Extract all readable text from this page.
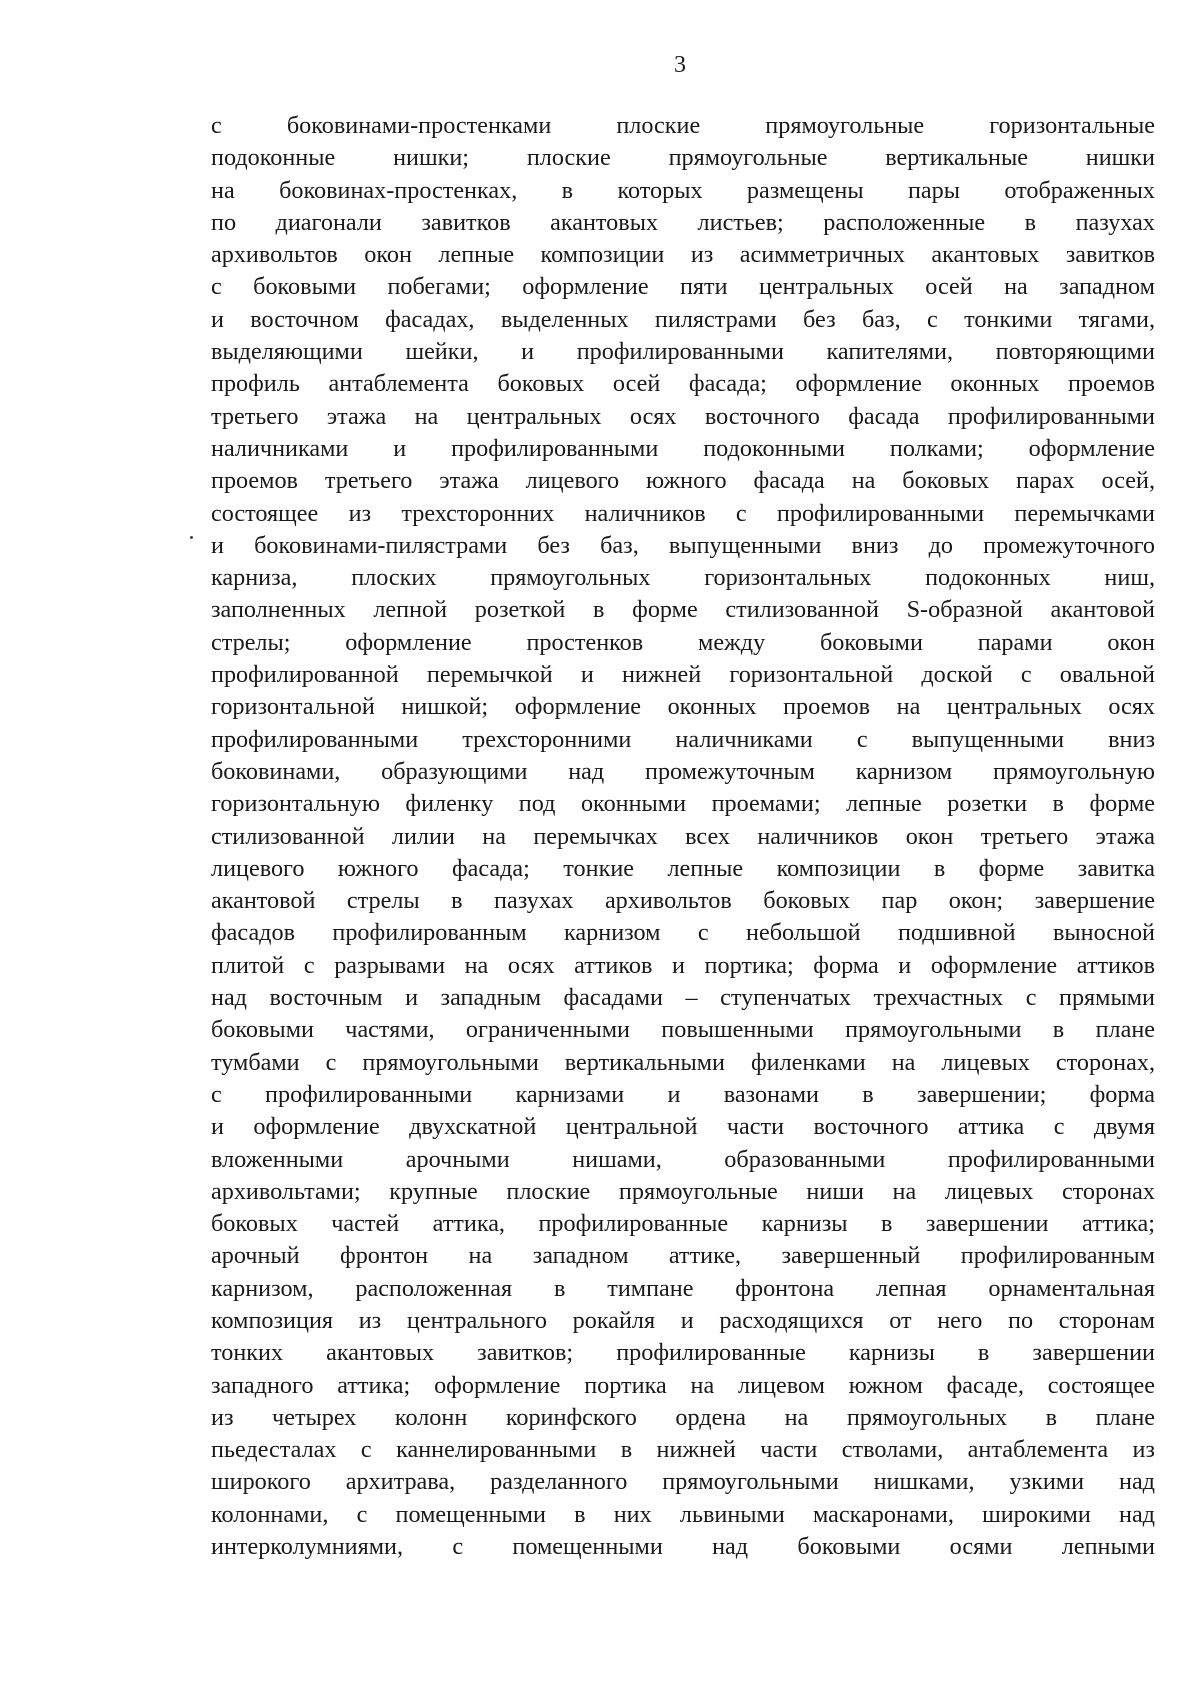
3
с боковинами-простенками плоские прямоугольные горизонтальные
подоконные нишки; плоские прямоугольные вертикальные нишки
на боковинах-простенках, в которых размещены пары отображенных
по диагонали завитков акантовых листьев; расположенные в пазухах
архивольтов окон лепные композиции из асимметричных акантовых завитков
с боковыми побегами; оформление пяти центральных осей на западном
и восточном фасадах, выделенных пилястрами без баз, с тонкими тягами,
выделяющими шейки, и профилированными капителями, повторяющими
профиль антаблемента боковых осей фасада; оформление оконных проемов
третьего этажа на центральных осях восточного фасада профилированными
наличниками и профилированными подоконными полками; оформление
проемов третьего этажа лицевого южного фасада на боковых парах осей,
состоящее из трехсторонних наличников с профилированными перемычками
и боковинами-пилястрами без баз, выпущенными вниз до промежуточного
карниза, плоских прямоугольных горизонтальных подоконных ниш,
заполненных лепной розеткой в форме стилизованной S-образной акантовой
стрелы; оформление простенков между боковыми парами окон
профилированной перемычкой и нижней горизонтальной доской с овальной
горизонтальной нишкой; оформление оконных проемов на центральных осях
профилированными трехсторонними наличниками с выпущенными вниз
боковинами, образующими над промежуточным карнизом прямоугольную
горизонтальную филенку под оконными проемами; лепные розетки в форме
стилизованной лилии на перемычках всех наличников окон третьего этажа
лицевого южного фасада; тонкие лепные композиции в форме завитка
акантовой стрелы в пазухах архивольтов боковых пар окон; завершение
фасадов профилированным карнизом с небольшой подшивной выносной
плитой с разрывами на осях аттиков и портика; форма и оформление аттиков
над восточным и западным фасадами – ступенчатых трехчастных с прямыми
боковыми частями, ограниченными повышенными прямоугольными в плане
тумбами с прямоугольными вертикальными филенками на лицевых сторонах,
с профилированными карнизами и вазонами в завершении; форма
и оформление двухскатной центральной части восточного аттика с двумя
вложенными арочными нишами, образованными профилированными
архивольтами; крупные плоские прямоугольные ниши на лицевых сторонах
боковых частей аттика, профилированные карнизы в завершении аттика;
арочный фронтон на западном аттике, завершенный профилированным
карнизом, расположенная в тимпане фронтона лепная орнаментальная
композиция из центрального рокайля и расходящихся от него по сторонам
тонких акантовых завитков; профилированные карнизы в завершении
западного аттика; оформление портика на лицевом южном фасаде, состоящее
из четырех колонн коринфского ордена на прямоугольных в плане
пьедесталах с каннелированными в нижней части стволами, антаблемента из
широкого архитрава, разделанного прямоугольными нишками, узкими над
колоннами, с помещенными в них львиными маскаронами, широкими над
интерколумниями, с помещенными над боковыми осями лепными
